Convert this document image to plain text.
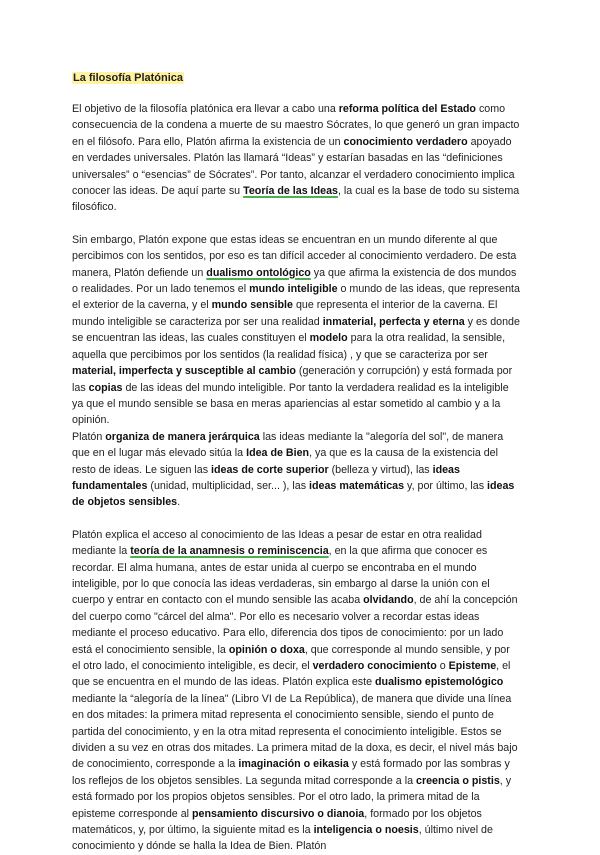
La filosofía Platónica

El objetivo de la filosofía platónica era llevar a cabo una reforma política del Estado como consecuencia de la condena a muerte de su maestro Sócrates, lo que generó un gran impacto en el filósofo. Para ello, Platón afirma la existencia de un conocimiento verdadero apoyado en verdades universales. Platón las llamará “Ideas” y estarían basadas en las “definiciones universales” o “esencias” de Sócrates”. Por tanto, alcanzar el verdadero conocimiento implica conocer las ideas. De aquí parte su Teoría de las Ideas, la cual es la base de todo su sistema filosófico.

Sin embargo, Platón expone que estas ideas se encuentran en un mundo diferente al que percibimos con los sentidos, por eso es tan difícil acceder al conocimiento verdadero. De esta manera, Platón defiende un dualismo ontológico ya que afirma la existencia de dos mundos o realidades. Por un lado tenemos el mundo inteligible o mundo de las ideas, que representa el exterior de la caverna, y el mundo sensible que representa el interior de la caverna. El mundo inteligible se caracteriza por ser una realidad inmaterial, perfecta y eterna y es donde se encuentran las ideas, las cuales constituyen el modelo para la otra realidad, la sensible, aquella que percibimos por los sentidos (la realidad física) , y que se caracteriza por ser material, imperfecta y susceptible al cambio (generación y corrupción) y está formada por las copias de las ideas del mundo inteligible. Por tanto la verdadera realidad es la inteligible ya que el mundo sensible se basa en meras apariencias al estar sometido al cambio y a la opinión.

Platón organiza de manera jerárquica las ideas mediante la "alegoría del sol", de manera que en el lugar más elevado sitúa la Idea de Bien, ya que es la causa de la existencia del resto de ideas. Le siguen las ideas de corte superior (belleza y virtud), las ideas fundamentales (unidad, multiplicidad, ser... ), las ideas matemáticas y, por último, las ideas de objetos sensibles.

Platón explica el acceso al conocimiento de las Ideas a pesar de estar en otra realidad mediante la teoría de la anamnesis o reminiscencia, en la que afirma que conocer es recordar. El alma humana, antes de estar unida al cuerpo se encontraba en el mundo inteligible, por lo que conocía las ideas verdaderas, sin embargo al darse la unión con el cuerpo y entrar en contacto con el mundo sensible las acaba olvidando, de ahí la concepción del cuerpo como "cárcel del alma". Por ello es necesario volver a recordar estas ideas mediante el proceso educativo. Para ello, diferencia dos tipos de conocimiento: por un lado está el conocimiento sensible, la opinión o doxa, que corresponde al mundo sensible, y por el otro lado, el conocimiento inteligible, es decir, el verdadero conocimiento o Episteme, el que se encuentra en el mundo de las ideas. Platón explica este dualismo epistemológico mediante la “alegoría de la línea" (Libro VI de La República), de manera que divide una línea en dos mitades: la primera mitad representa el conocimiento sensible, siendo el punto de partida del conocimiento, y en la otra mitad representa el conocimiento inteligible. Estos se dividen a su vez en otras dos mitades. La primera mitad de la doxa, es decir, el nivel más bajo de conocimiento, corresponde a la imaginación o eikasia y está formado por las sombras y los reflejos de los objetos sensibles. La segunda mitad corresponde a la creencia o pistis, y está formado por los propios objetos sensibles. Por el otro lado, la primera mitad de la episteme corresponde al pensamiento discursivo o dianoia, formado por los objetos matemáticos, y, por último, la siguiente mitad es la inteligencia o noesis, último nivel de conocimiento y dónde se halla la Idea de Bien. Platón
